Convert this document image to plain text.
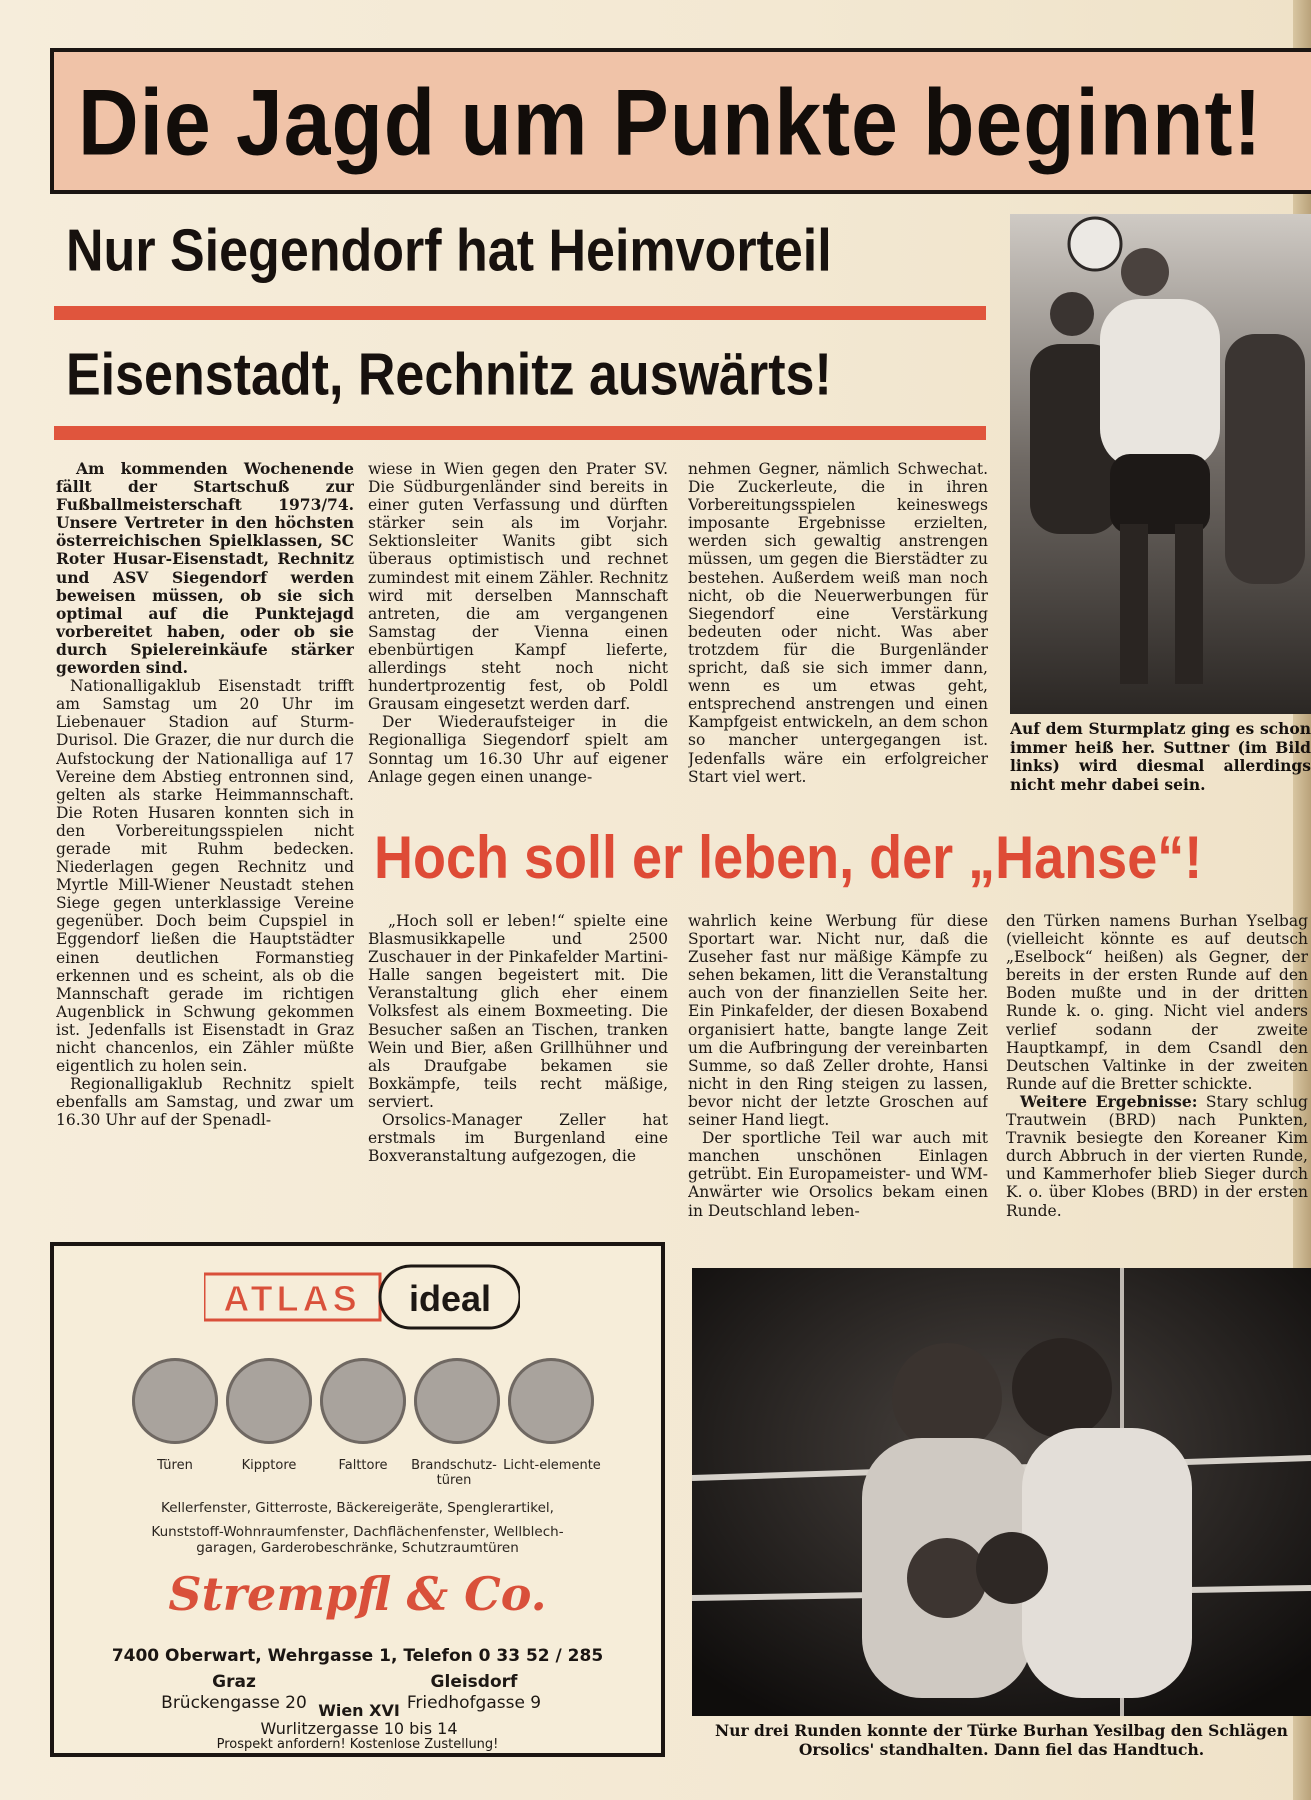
Die Jagd um Punkte beginnt!
Nur Siegendorf hat Heimvorteil
Eisenstadt, Rechnitz auswärts!

Am kommenden Wochenende fällt der Startschuß zur Fußballmeisterschaft 1973/74. Unsere Vertreter in den höchsten österreichischen Spielklassen, SC Roter Husar-Eisenstadt, Rechnitz und ASV Siegendorf werden beweisen müssen, ob sie sich optimal auf die Punktejagd vorbereitet haben, oder ob sie durch Spielereinkäufe stärker geworden sind.

Nationalligaklub Eisenstadt trifft am Samstag um 20 Uhr im Liebenauer Stadion auf Sturm-Durisol. Die Grazer, die nur durch die Aufstockung der Nationalliga auf 17 Vereine dem Abstieg entronnen sind, gelten als starke Heimmannschaft. Die Roten Husaren konnten sich in den Vorbereitungsspielen nicht gerade mit Ruhm bedecken. Niederlagen gegen Rechnitz und Myrtle Mill-Wiener Neustadt stehen Siege gegen unterklassige Vereine gegenüber. Doch beim Cupspiel in Eggendorf ließen die Hauptstädter einen deutlichen Formanstieg erkennen und es scheint, als ob die Mannschaft gerade im richtigen Augenblick in Schwung gekommen ist. Jedenfalls ist Eisenstadt in Graz nicht chancenlos, ein Zähler müßte eigentlich zu holen sein.

Regionalligaklub Rechnitz spielt ebenfalls am Samstag, und zwar um 16.30 Uhr auf der Spenadl-

wiese in Wien gegen den Prater SV. Die Südburgenländer sind bereits in einer guten Verfassung und dürften stärker sein als im Vorjahr. Sektionsleiter Wanits gibt sich überaus optimistisch und rechnet zumindest mit einem Zähler. Rechnitz wird mit derselben Mannschaft antreten, die am vergangenen Samstag der Vienna einen ebenbürtigen Kampf lieferte, allerdings steht noch nicht hundertprozentig fest, ob Poldl Grausam eingesetzt werden darf.

Der Wiederaufsteiger in die Regionalliga Siegendorf spielt am Sonntag um 16.30 Uhr auf eigener Anlage gegen einen unange-

nehmen Gegner, nämlich Schwechat. Die Zuckerleute, die in ihren Vorbereitungsspielen keineswegs imposante Ergebnisse erzielten, werden sich gewaltig anstrengen müssen, um gegen die Bierstädter zu bestehen. Außerdem weiß man noch nicht, ob die Neuerwerbungen für Siegendorf eine Verstärkung bedeuten oder nicht. Was aber trotzdem für die Burgenländer spricht, daß sie sich immer dann, wenn es um etwas geht, entsprechend anstrengen und einen Kampfgeist entwickeln, an dem schon so mancher untergegangen ist. Jedenfalls wäre ein erfolgreicher Start viel wert.

Auf dem Sturmplatz ging es schon immer heiß her. Suttner (im Bild links) wird diesmal allerdings nicht mehr dabei sein.

Hoch soll er leben, der „Hanse“!

„Hoch soll er leben!“ spielte eine Blasmusikkapelle und 2500 Zuschauer in der Pinkafelder Martini-Halle sangen begeistert mit. Die Veranstaltung glich eher einem Volksfest als einem Boxmeeting. Die Besucher saßen an Tischen, tranken Wein und Bier, aßen Grillhühner und als Draufgabe bekamen sie Boxkämpfe, teils recht mäßige, serviert.

Orsolics-Manager Zeller hat erstmals im Burgenland eine Boxveranstaltung aufgezogen, die

wahrlich keine Werbung für diese Sportart war. Nicht nur, daß die Zuseher fast nur mäßige Kämpfe zu sehen bekamen, litt die Veranstaltung auch von der finanziellen Seite her. Ein Pinkafelder, der diesen Boxabend organisiert hatte, bangte lange Zeit um die Aufbringung der vereinbarten Summe, so daß Zeller drohte, Hansi nicht in den Ring steigen zu lassen, bevor nicht der letzte Groschen auf seiner Hand liegt.

Der sportliche Teil war auch mit manchen unschönen Einlagen getrübt. Ein Europameister- und WM-Anwärter wie Orsolics bekam einen in Deutschland leben-

den Türken namens Burhan Yselbag (vielleicht könnte es auf deutsch „Eselbock“ heißen) als Gegner, der bereits in der ersten Runde auf den Boden mußte und in der dritten Runde k. o. ging. Nicht viel anders verlief sodann der zweite Hauptkampf, in dem Csandl den Deutschen Valtinke in der zweiten Runde auf die Bretter schickte.

Weitere Ergebnisse: Stary schlug Trautwein (BRD) nach Punkten, Travnik besiegte den Koreaner Kim durch Abbruch in der vierten Runde, und Kammerhofer blieb Sieger durch K. o. über Klobes (BRD) in der ersten Runde.

Nur drei Runden konnte der Türke Burhan Yesilbag den Schlägen Orsolics' standhalten. Dann fiel das Handtuch.

ATLAS ideal
Türen	Kipptore	Falttore	Brandschutz-türen
Licht-elemente
Kellerfenster, Gitterroste, Bäckereigeräte, Spenglerartikel,
Kunststoff-Wohnraumfenster, Dachflächenfenster, Wellblech-
garagen, Garderobeschränke, Schutzraumtüren
Strempfl & Co.
7400 Oberwart, Wehrgasse 1, Telefon 0 33 52 / 285
Graz
Brückengasse 20
Gleisdorf
Friedhofgasse 9
Wien XVI
Wurlitzergasse 10 bis 14
Prospekt anfordern! Kostenlose Zustellung!
